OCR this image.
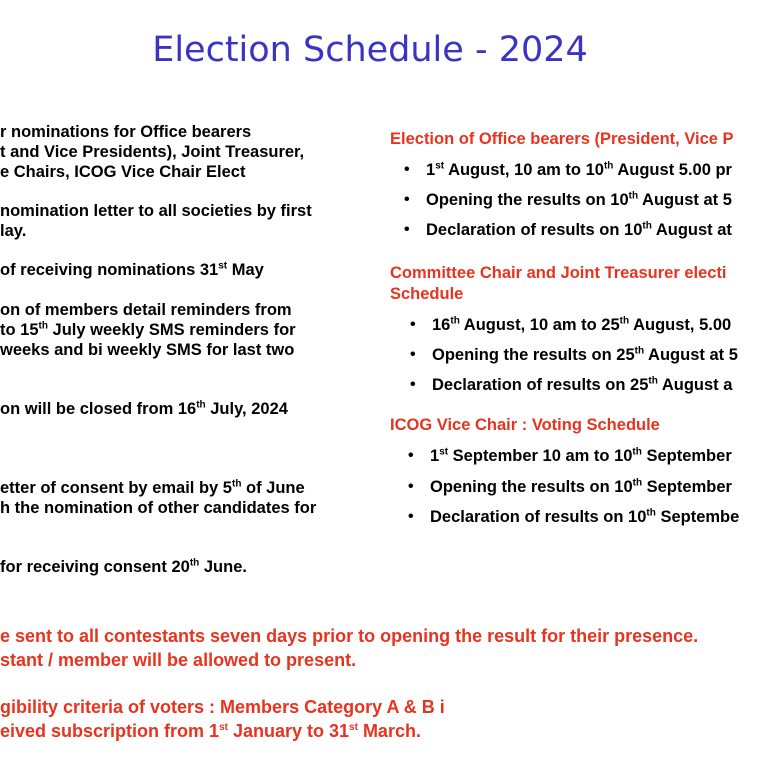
Election Schedule - 2024

r nominations for Office bearers
t and Vice Presidents), Joint Treasurer,
e Chairs, ICOG Vice Chair Elect

nomination letter to all societies by first
lay.

of receiving nominations 31st May

on of members detail reminders from
to 15th July weekly SMS reminders for
weeks and bi weekly SMS for last two

on will be closed from 16th July, 2024

etter of consent by email by 5th of June
h the nomination of other candidates for

for receiving consent 20th June.

Election of Office bearers (President, Vice P

• 1st August, 10 am to 10th August 5.00 pr
• Opening the results on 10th August at 5
• Declaration of results on 10th August at

Committee Chair and Joint Treasurer electi
Schedule

• 16th August, 10 am to 25th August, 5.00
• Opening the results on 25th August at 5
• Declaration of results on 25th August a

ICOG Vice Chair : Voting Schedule

• 1st September 10 am to 10th September
• Opening the results on 10th September
• Declaration of results on 10th Septembe

e sent to all contestants seven days prior to opening the result for their presence.
stant / member will be allowed to present.

gibility criteria of voters : Members Category A & B i
eived subscription from 1st January to 31st March.
